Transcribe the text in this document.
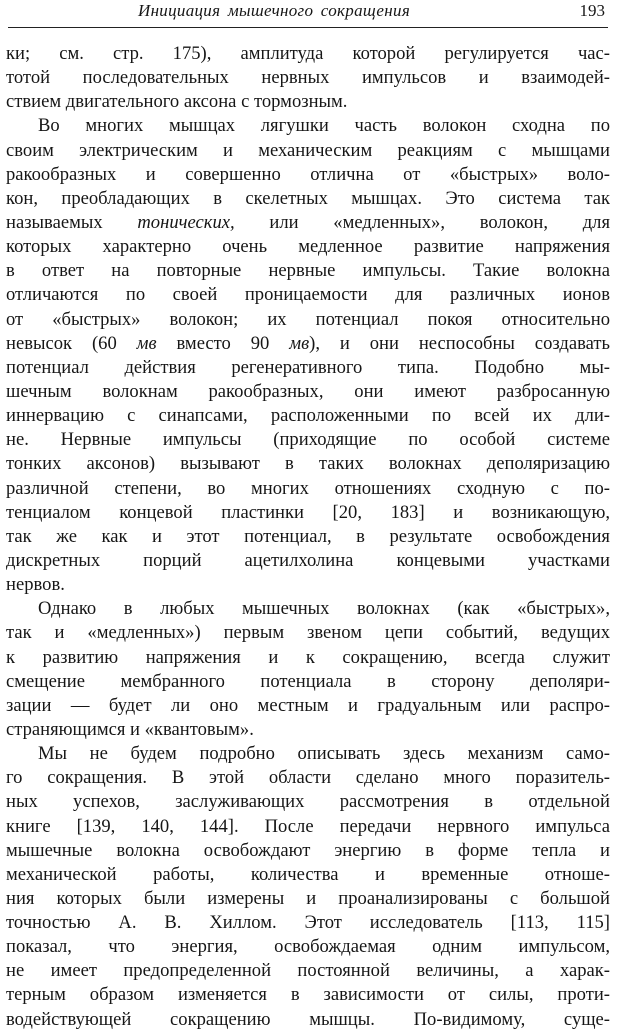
Инициация мышечного сокращения	193
ки; см. стр. 175), амплитуда которой регулируется час-
тотой последовательных нервных импульсов и взаимодей-
ствием двигательного аксона с тормозным.
Во многих мышцах лягушки часть волокон сходна по
своим электрическим и механическим реакциям с мышцами
ракообразных и совершенно отлична от «быстрых» воло-
кон, преобладающих в скелетных мышцах. Это система так
называемых тонических, или «медленных», волокон, для
которых характерно очень медленное развитие напряжения
в ответ на повторные нервные импульсы. Такие волокна
отличаются по своей проницаемости для различных ионов
от «быстрых» волокон; их потенциал покоя относительно
невысок (60 мв вместо 90 мв), и они неспособны создавать
потенциал действия регенеративного типа. Подобно мы-
шечным волокнам ракообразных, они имеют разбросанную
иннервацию с синапсами, расположенными по всей их дли-
не. Нервные импульсы (приходящие по особой системе
тонких аксонов) вызывают в таких волокнах деполяризацию
различной степени, во многих отношениях сходную с по-
тенциалом концевой пластинки [20, 183] и возникающую,
так же как и этот потенциал, в результате освобождения
дискретных порций ацетилхолина концевыми участками
нервов.
Однако в любых мышечных волокнах (как «быстрых»,
так и «медленных») первым звеном цепи событий, ведущих
к развитию напряжения и к сокращению, всегда служит
смещение мембранного потенциала в сторону деполяри-
зации — будет ли оно местным и градуальным или распро-
страняющимся и «квантовым».
Мы не будем подробно описывать здесь механизм само-
го сокращения. В этой области сделано много поразитель-
ных успехов, заслуживающих рассмотрения в отдельной
книге [139, 140, 144]. После передачи нервного импульса
мышечные волокна освобождают энергию в форме тепла и
механической работы, количества и временные отноше-
ния которых были измерены и проанализированы с большой
точностью А. В. Хиллом. Этот исследователь [113, 115]
показал, что энергия, освобождаемая одним импульсом,
не имеет предопределенной постоянной величины, а харак-
терным образом изменяется в зависимости от силы, проти-
водействующей сокращению мышцы. По-видимому, суще-
